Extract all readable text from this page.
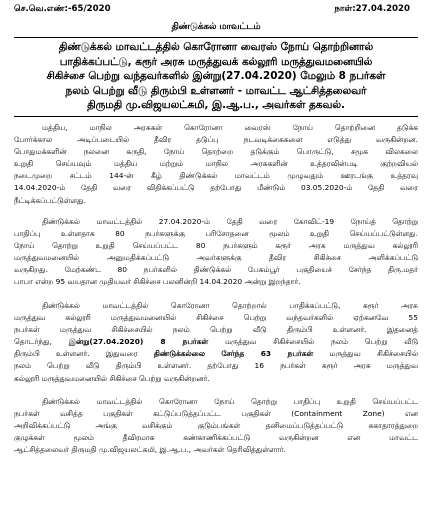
செ.வெ.எண்:-65/2020	நாள்:27.04.2020
திண்டுக்கல் மாவட்டம்
திண்டுக்கல் மாவட்டத்தில் கொரோனா வைரஸ் நோய் தொற்றினால்
பாதிக்கப்பட்டு, கரூர் அரசு மருத்துவக் கல்லூரி மருத்துவமனையில்
சிகிச்சை பெற்று வந்தவர்களில் இன்று(27.04.2020) மேலும் 8 நபர்கள்
நலம் பெற்று வீடு திரும்பி உள்ளனர் - மாவட்ட ஆட்சித்தலைவர்
திருமதி மு.விஜயலட்சுமி, இ.ஆ.ப., அவர்கள் தகவல்.
மத்திய, மாநில அரசுகள் கொரோனா வைரஸ் நோய் தொற்றினை தடுக்க
போர்க்கால அடிப்படையில் தீவிர தடுப்பு நடவடிக்கைகளை எடுத்து வருகின்றன.
பொதுமக்களின் நலனை கருதி, நோய் தொற்றை தடுக்கும் பொருட்டு, சமூக விலகலை
உறுதி செய்யவும் மத்திய மற்றும் மாநில அரசுகளின் உத்தரவின்படி குற்றவியல்
நடைமுறை சட்டம் 144-ன் கீழ் திண்டுக்கல் மாவட்டம் முழுவதும் ஊரடங்கு உத்தரவு
14.04.2020-ம் தேதி வரை விதிக்கப்பட்டு தற்போது மீண்டும் 03.05.2020-ம் தேதி வரை
நீட்டிக்கப்பட்டுள்ளது.
திண்டுக்கல் மாவட்டத்தில் 27.04.2020-ம் தேதி வரை கோவிட்-19 நோய்த் தொற்று
பாதிப்பு உள்ளதாக 80 நபர்களுக்கு பரிசோதனை மூலம் உறுதி செய்யப்பட்டுள்ளது.
நோய் தொற்று உறுதி செய்யப்பட்ட 80 நபர்களும் கரூர் அரசு மருத்துவ கல்லூரி
மருத்துவமனையில் அனுமதிக்கப்பட்டு அவர்களுக்கு தீவிர சிகிச்சை அளிக்கப்பட்டு
வருகிறது. மேற்கண்ட 80 நபர்களில் திண்டுக்கல் பேகம்பூர் பகுதியைச் சேர்ந்த திரு.மதர்
பாபா என்ற 95 வயதான முதியவர் சிகிச்சை பலனின்றி 14.04.2020 அன்று இறந்தார்.
திண்டுக்கல் மாவட்டத்தில் கொரோனா தொற்றால் பாதிக்கப்பட்டு, கரூர் அரசு
மருத்துவ கல்லூரி மருத்துவமனையில் சிகிச்சை பெற்று வந்தவர்களில் ஏற்கனவே 55
நபர்கள் மருத்துவ சிகிச்சையில் நலம் பெற்று வீடு திரும்பி உள்ளனர். இதனைத்
தொடர்ந்து, இன்று(27.04.2020) 8 நபர்கள் மருத்துவ சிகிச்சையில் நலம் பெற்று வீடு
திரும்பி உள்ளனர். இதுவரை திண்டுக்கல்லை சேர்ந்த 63 நபர்கள் மருத்துவ சிகிச்சையில்
நலம் பெற்று வீடு திரும்பி உள்ளனர். தற்போது 16 நபர்கள் கரூர் அரசு மருத்துவ
கல்லூரி மருத்துவமனையில் சிகிச்சை பெற்று வருகின்றனர்.
திண்டுக்கல் மாவட்டத்தில் கொரோனா நோய் தொற்று பாதிப்பு உறுதி செய்யப்பட்ட
நபர்கள் வசித்த பகுதிகள் கட்டுப்படுத்தப்பட்ட பகுதிகள் (Containment Zone) என
அறிவிக்கப்பட்டு அங்கு வசிக்கும் குடும்பங்கள் தனிமைப்படுத்தப்பட்டு சுகாதாரத்துறை
குழுக்கள் மூலம் தீவிரமாக கண்காணிக்கப்பட்டு வருகின்றன என மாவட்ட
ஆட்சித்தலைவர் திருமதி மு.விஜயலட்சுமி, இ.ஆ.ப., அவர்கள் தெரிவித்துள்ளார்.
